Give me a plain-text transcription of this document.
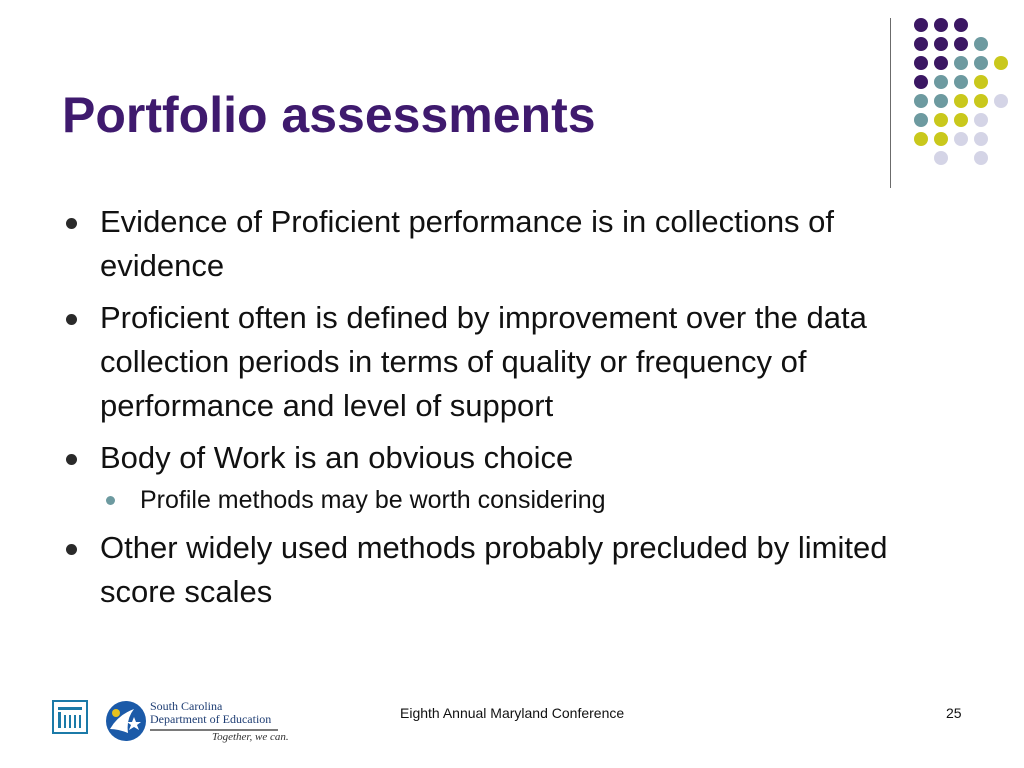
Portfolio assessments
Evidence of Proficient performance is in collections of evidence
Proficient often is defined by improvement over the data collection periods in terms of quality or frequency of performance and level of support
Body of Work is an obvious choice
Profile methods may be worth considering
Other widely used methods probably precluded by limited score scales
South Carolina
Department of Education
Together, we can.
Eighth Annual Maryland Conference	25
